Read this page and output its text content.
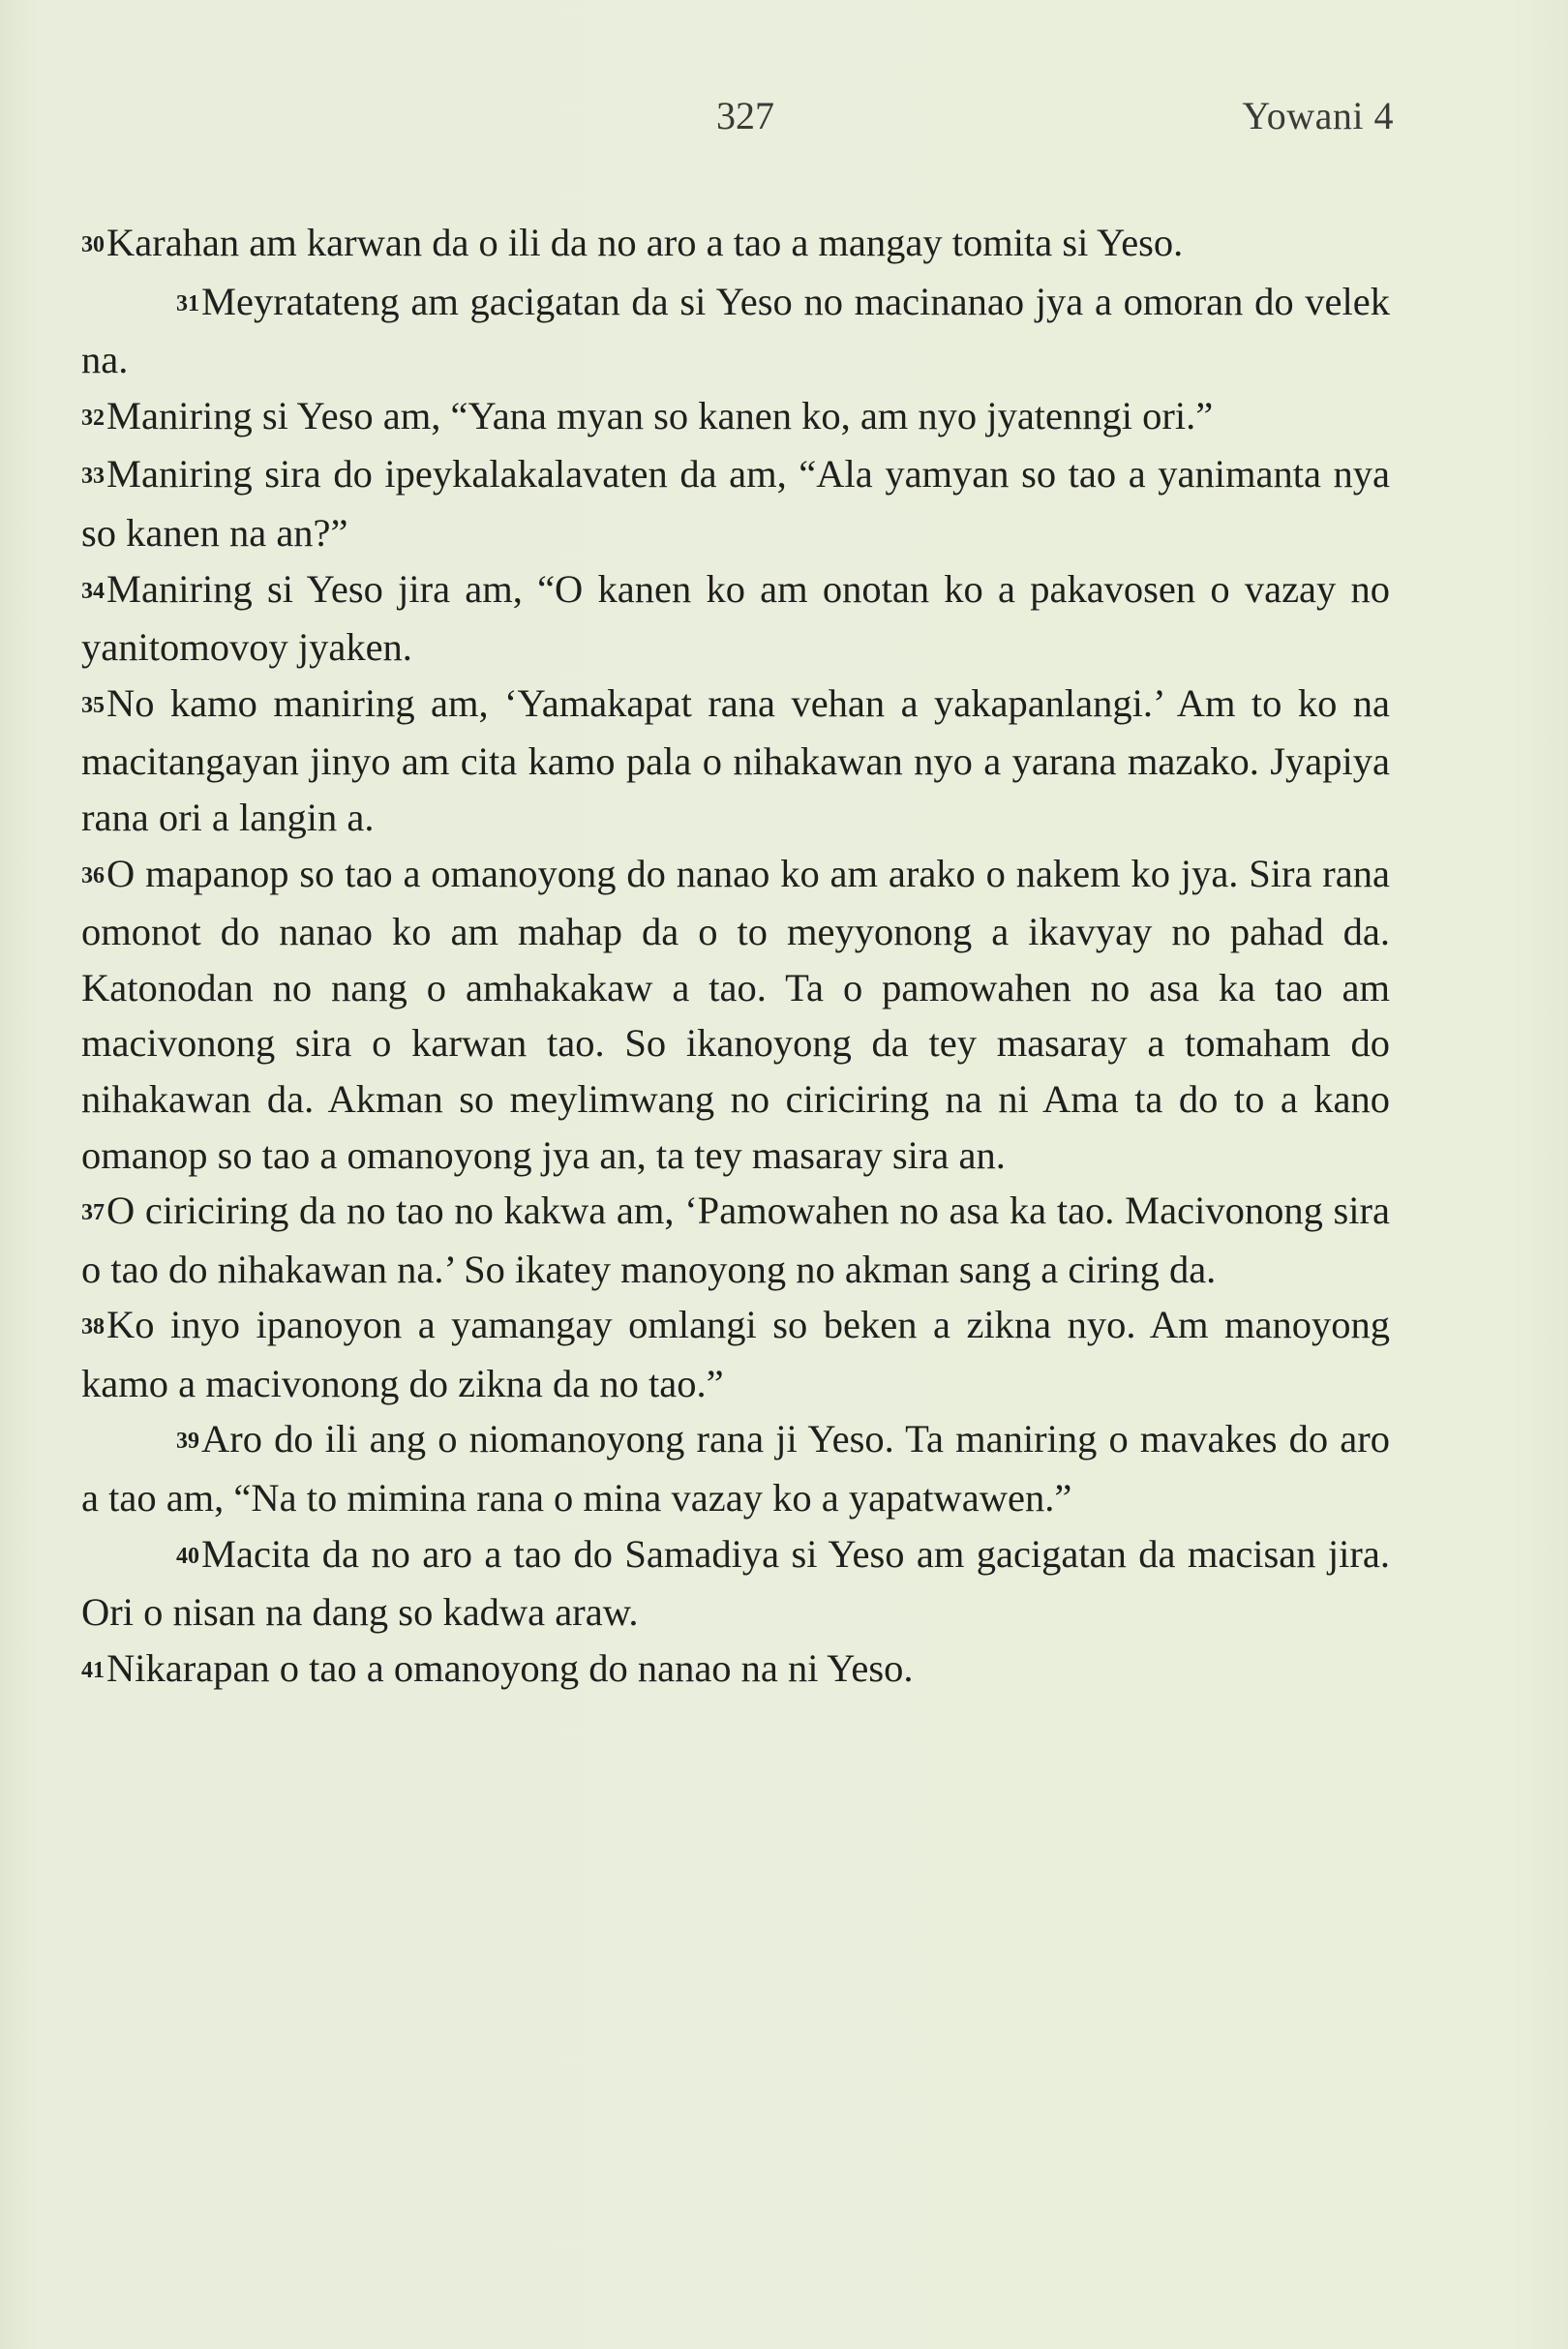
327	Yowani 4

30Karahan am karwan da o ili da no aro a tao a mangay tomita si Yeso.

31Meyratateng am gacigatan da si Yeso no macinanao jya a omoran do velek na.

32Maniring si Yeso am, “Yana myan so kanen ko, am nyo jyatenngi ori.”

33Maniring sira do ipeykalakalavaten da am, “Ala yamyan so tao a yanimanta nya so kanen na an?”

34Maniring si Yeso jira am, “O kanen ko am onotan ko a pakavosen o vazay no yanitomovoy jyaken.

35No kamo maniring am, ‘Yamakapat rana vehan a yakapanlangi.’ Am to ko na macitangayan jinyo am cita kamo pala o nihakawan nyo a yarana mazako. Jyapiya rana ori a langin a.

36O mapanop so tao a omanoyong do nanao ko am arako o nakem ko jya. Sira rana omonot do nanao ko am mahap da o to meyyonong a ikavyay no pahad da. Katonodan no nang o amhakakaw a tao. Ta o pamowahen no asa ka tao am macivonong sira o karwan tao. So ikanoyong da tey masaray a tomaham do nihakawan da. Akman so meylimwang no ciriciring na ni Ama ta do to a kano omanop so tao a omanoyong jya an, ta tey masaray sira an.

37O ciriciring da no tao no kakwa am, ‘Pamowahen no asa ka tao. Macivonong sira o tao do nihakawan na.’ So ikatey manoyong no akman sang a ciring da.

38Ko inyo ipanoyon a yamangay omlangi so beken a zikna nyo. Am manoyong kamo a macivonong do zikna da no tao.”

39Aro do ili ang o niomanoyong rana ji Yeso. Ta maniring o mavakes do aro a tao am, “Na to mimina rana o mina vazay ko a yapatwawen.”

40Macita da no aro a tao do Samadiya si Yeso am gacigatan da macisan jira. Ori o nisan na dang so kadwa araw.

41Nikarapan o tao a omanoyong do nanao na ni Yeso.
